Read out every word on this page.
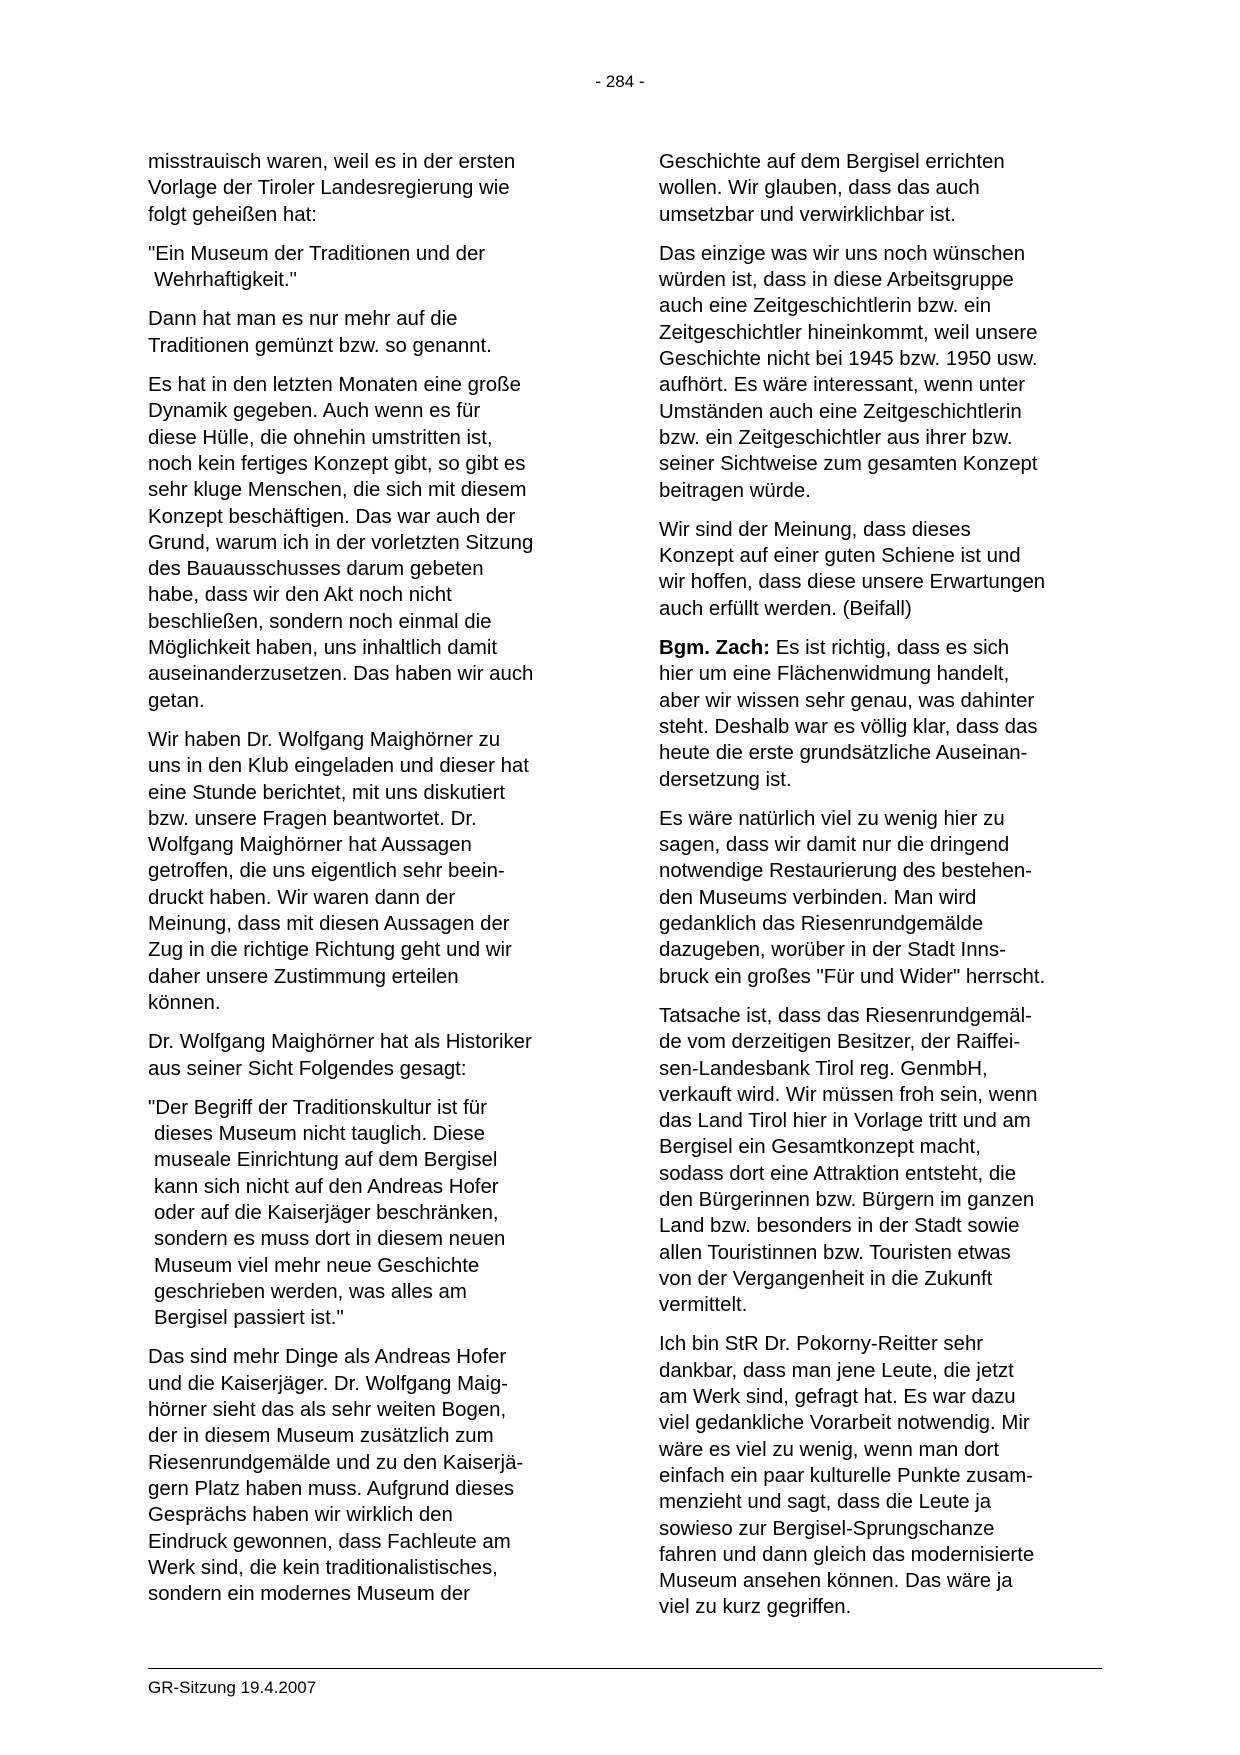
- 284 -
misstrauisch waren, weil es in der ersten
Vorlage der Tiroler Landesregierung wie
folgt geheißen hat:
"Ein Museum der Traditionen und der
Wehrhaftigkeit."
Dann hat man es nur mehr auf die
Traditionen gemünzt bzw. so genannt.
Es hat in den letzten Monaten eine große
Dynamik gegeben. Auch wenn es für
diese Hülle, die ohnehin umstritten ist,
noch kein fertiges Konzept gibt, so gibt es
sehr kluge Menschen, die sich mit diesem
Konzept beschäftigen. Das war auch der
Grund, warum ich in der vorletzten Sitzung
des Bauausschusses darum gebeten
habe, dass wir den Akt noch nicht
beschließen, sondern noch einmal die
Möglichkeit haben, uns inhaltlich damit
auseinanderzusetzen. Das haben wir auch
getan.
Wir haben Dr. Wolfgang Maighörner zu
uns in den Klub eingeladen und dieser hat
eine Stunde berichtet, mit uns diskutiert
bzw. unsere Fragen beantwortet. Dr.
Wolfgang Maighörner hat Aussagen
getroffen, die uns eigentlich sehr beein-
druckt haben. Wir waren dann der
Meinung, dass mit diesen Aussagen der
Zug in die richtige Richtung geht und wir
daher unsere Zustimmung erteilen
können.
Dr. Wolfgang Maighörner hat als Historiker
aus seiner Sicht Folgendes gesagt:
"Der Begriff der Traditionskultur ist für
dieses Museum nicht tauglich. Diese
museale Einrichtung auf dem Bergisel
kann sich nicht auf den Andreas Hofer
oder auf die Kaiserjäger beschränken,
sondern es muss dort in diesem neuen
Museum viel mehr neue Geschichte
geschrieben werden, was alles am
Bergisel passiert ist."
Das sind mehr Dinge als Andreas Hofer
und die Kaiserjäger. Dr. Wolfgang Maig-
hörner sieht das als sehr weiten Bogen,
der in diesem Museum zusätzlich zum
Riesenrundgemälde und zu den Kaiserjä-
gern Platz haben muss. Aufgrund dieses
Gesprächs haben wir wirklich den
Eindruck gewonnen, dass Fachleute am
Werk sind, die kein traditionalistisches,
sondern ein modernes Museum der
Geschichte auf dem Bergisel errichten
wollen. Wir glauben, dass das auch
umsetzbar und verwirklichbar ist.
Das einzige was wir uns noch wünschen
würden ist, dass in diese Arbeitsgruppe
auch eine Zeitgeschichtlerin bzw. ein
Zeitgeschichtler hineinkommt, weil unsere
Geschichte nicht bei 1945 bzw. 1950 usw.
aufhört. Es wäre interessant, wenn unter
Umständen auch eine Zeitgeschichtlerin
bzw. ein Zeitgeschichtler aus ihrer bzw.
seiner Sichtweise zum gesamten Konzept
beitragen würde.
Wir sind der Meinung, dass dieses
Konzept auf einer guten Schiene ist und
wir hoffen, dass diese unsere Erwartungen
auch erfüllt werden. (Beifall)
Bgm. Zach: Es ist richtig, dass es sich
hier um eine Flächenwidmung handelt,
aber wir wissen sehr genau, was dahinter
steht. Deshalb war es völlig klar, dass das
heute die erste grundsätzliche Auseinan-
dersetzung ist.
Es wäre natürlich viel zu wenig hier zu
sagen, dass wir damit nur die dringend
notwendige Restaurierung des bestehen-
den Museums verbinden. Man wird
gedanklich das Riesenrundgemälde
dazugeben, worüber in der Stadt Inns-
bruck ein großes "Für und Wider" herrscht.
Tatsache ist, dass das Riesenrundgemäl-
de vom derzeitigen Besitzer, der Raiffei-
sen-Landesbank Tirol reg. GenmbH,
verkauft wird. Wir müssen froh sein, wenn
das Land Tirol hier in Vorlage tritt und am
Bergisel ein Gesamtkonzept macht,
sodass dort eine Attraktion entsteht, die
den Bürgerinnen bzw. Bürgern im ganzen
Land bzw. besonders in der Stadt sowie
allen Touristinnen bzw. Touristen etwas
von der Vergangenheit in die Zukunft
vermittelt.
Ich bin StR Dr. Pokorny-Reitter sehr
dankbar, dass man jene Leute, die jetzt
am Werk sind, gefragt hat. Es war dazu
viel gedankliche Vorarbeit notwendig. Mir
wäre es viel zu wenig, wenn man dort
einfach ein paar kulturelle Punkte zusam-
menzieht und sagt, dass die Leute ja
sowieso zur Bergisel-Sprungschanze
fahren und dann gleich das modernisierte
Museum ansehen können. Das wäre ja
viel zu kurz gegriffen.
GR-Sitzung 19.4.2007
